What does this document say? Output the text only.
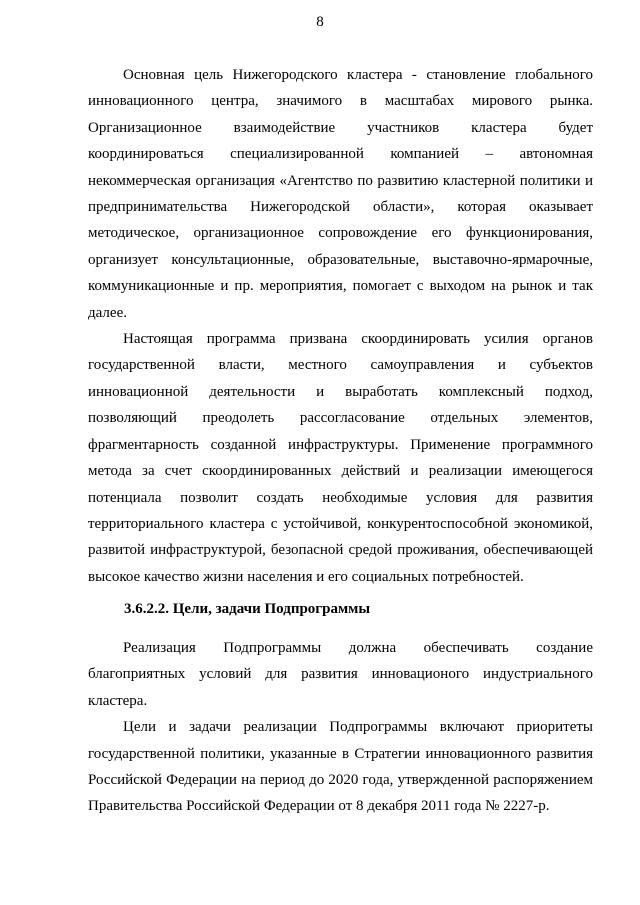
8

Основная цель Нижегородского кластера - становление глобального инновационного центра, значимого в масштабах мирового рынка. Организационное взаимодействие участников кластера будет координироваться специализированной компанией – автономная некоммерческая организация «Агентство по развитию кластерной политики и предпринимательства Нижегородской области», которая оказывает методическое, организационное сопровождение его функционирования, организует консультационные, образовательные, выставочно-ярмарочные, коммуникационные и пр. мероприятия, помогает с выходом на рынок и так далее.

Настоящая программа призвана скоординировать усилия органов государственной власти, местного самоуправления и субъектов инновационной деятельности и выработать комплексный подход, позволяющий преодолеть рассогласование отдельных элементов, фрагментарность созданной инфраструктуры. Применение программного метода за счет скоординированных действий и реализации имеющегося потенциала позволит создать необходимые условия для развития территориального кластера с устойчивой, конкурентоспособной экономикой, развитой инфраструктурой, безопасной средой проживания, обеспечивающей высокое качество жизни населения и его социальных потребностей.

3.6.2.2. Цели, задачи Подпрограммы

Реализация Подпрограммы должна обеспечивать создание благоприятных условий для развития инновационого индустриального кластера.

Цели и задачи реализации Подпрограммы включают приоритеты государственной политики, указанные в Стратегии инновационного развития Российской Федерации на период до 2020 года, утвержденной распоряжением Правительства Российской Федерации от 8 декабря 2011 года № 2227-р.
